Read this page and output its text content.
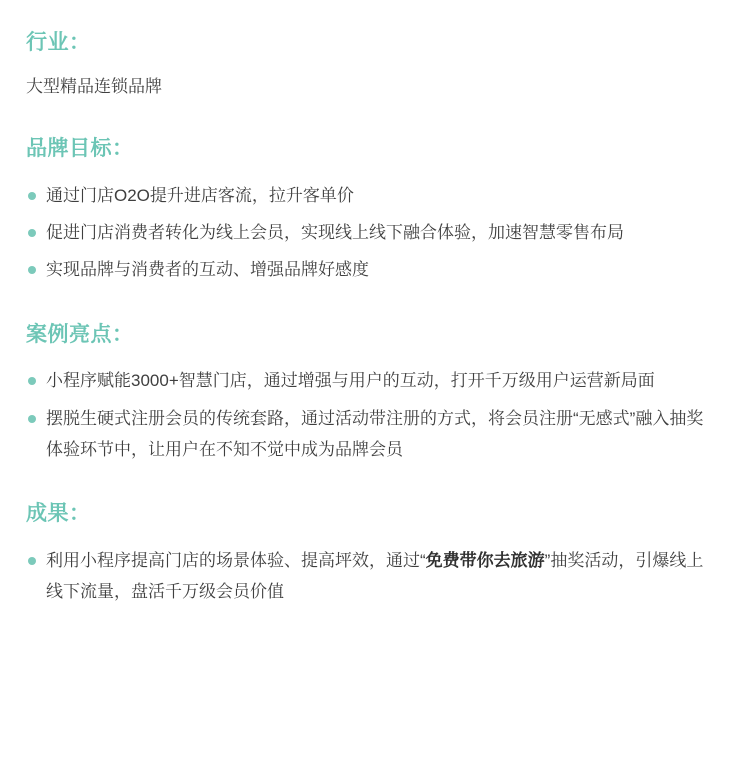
行业：

大型精品连锁品牌

品牌目标：
通过门店O2O提升进店客流，拉升客单价
促进门店消费者转化为线上会员，实现线上线下融合体验，加速智慧零售布局
实现品牌与消费者的互动、增强品牌好感度
案例亮点：
小程序赋能3000+智慧门店，通过增强与用户的互动，打开千万级用户运营新局面
摆脱生硬式注册会员的传统套路，通过活动带注册的方式，将会员注册“无感式”融入抽奖体验环节中，让用户在不知不觉中成为品牌会员
成果：
利用小程序提高门店的场景体验、提高坪效，通过“免费带你去旅游”抽奖活动，引爆线上线下流量，盘活千万级会员价值
